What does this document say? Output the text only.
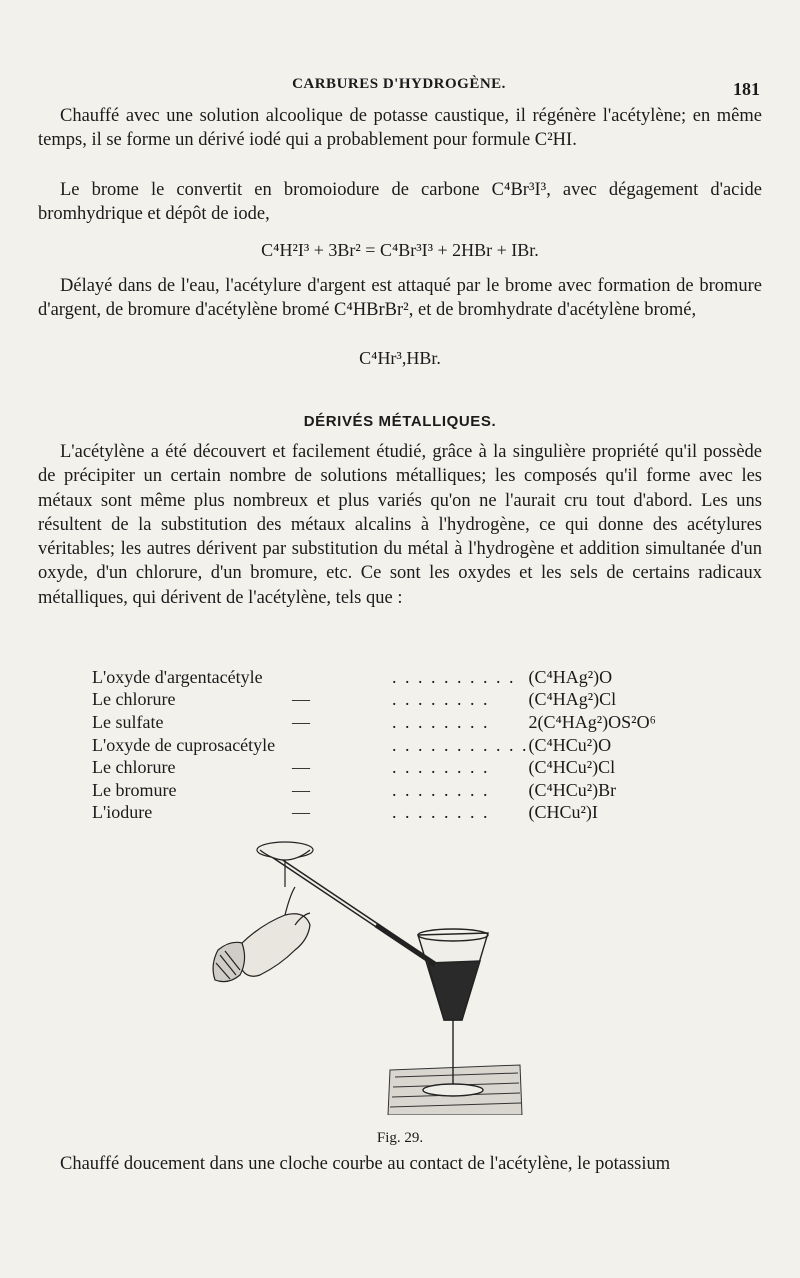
CARBURES D'HYDROGÈNE.	181

Chauffé avec une solution alcoolique de potasse caustique, il régénère l'acétylène; en même temps, il se forme un dérivé iodé qui a probablement pour formule C²HI.

Le brome le convertit en bromoiodure de carbone C⁴Br³I³, avec dégagement d'acide bromhydrique et dépôt de iode,

C⁴H²I³ + 3Br² = C⁴Br³I³ + 2HBr + IBr.

Délayé dans de l'eau, l'acétylure d'argent est attaqué par le brome avec formation de bromure d'argent, de bromure d'acétylène bromé C⁴HBrBr², et de bromhydrate d'acétylène bromé,

C⁴Hr³,HBr.
DÉRIVÉS MÉTALLIQUES.

L'acétylène a été découvert et facilement étudié, grâce à la singulière propriété qu'il possède de précipiter un certain nombre de solutions métalliques; les composés qu'il forme avec les métaux sont même plus nombreux et plus variés qu'on ne l'aurait cru tout d'abord. Les uns résultent de la substitution des métaux alcalins à l'hydrogène, ce qui donne des acétylures véritables; les autres dérivent par substitution du métal à l'hydrogène et addition simultanée d'un oxyde, d'un chlorure, d'un bromure, etc. Ce sont les oxydes et les sels de certains radicaux métalliques, qui dérivent de l'acétylène, tels que :

L'oxyde d'argentacétyle		. . . . . . . . . .	(C⁴HAg²)O
Le chlorure	—	. . . . . . . .	(C⁴HAg²)Cl
Le sulfate	—	. . . . . . . .	2(C⁴HAg²)OS²O⁶
L'oxyde de cuprosacétyle		. . . . . . . . . . .	(C⁴HCu²)O
Le chlorure	—	. . . . . . . .	(C⁴HCu²)Cl
Le bromure	—	. . . . . . . .	(C⁴HCu²)Br
L'iodure	—	. . . . . . . .	(CHCu²)I
Fig. 29.
Chauffé doucement dans une cloche courbe au contact de l'acétylène, le potassium
